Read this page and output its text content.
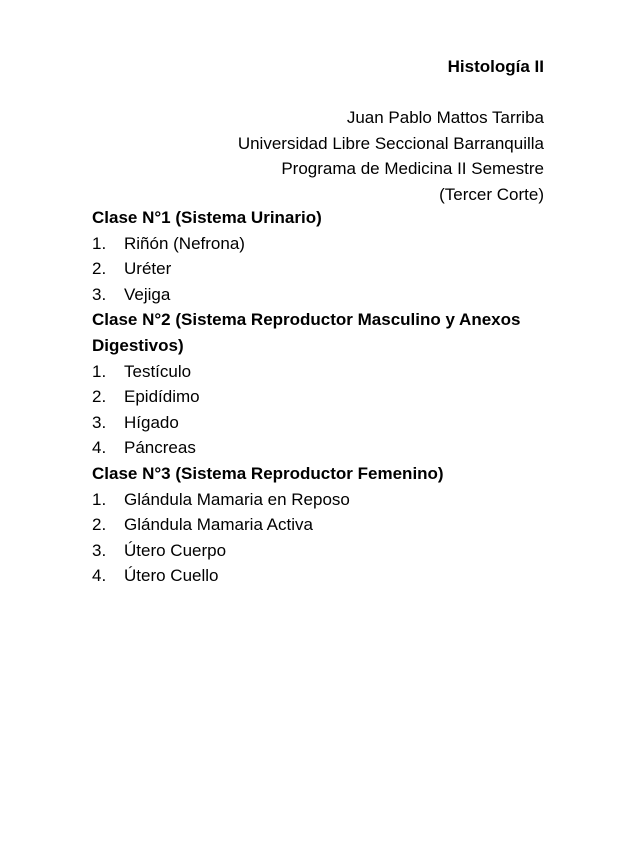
Histología II
Juan Pablo Mattos Tarriba
Universidad Libre Seccional Barranquilla
Programa de Medicina II Semestre
(Tercer Corte)
Clase N°1 (Sistema Urinario)
1.	Riñón (Nefrona)
2.	Uréter
3.	Vejiga
Clase N°2 (Sistema Reproductor Masculino y Anexos Digestivos)
1.	Testículo
2.	Epidídimo
3.	Hígado
4.	Páncreas
Clase N°3 (Sistema Reproductor Femenino)
1.	Glándula Mamaria en Reposo
2.	Glándula Mamaria Activa
3.	Útero Cuerpo
4.	Útero Cuello
